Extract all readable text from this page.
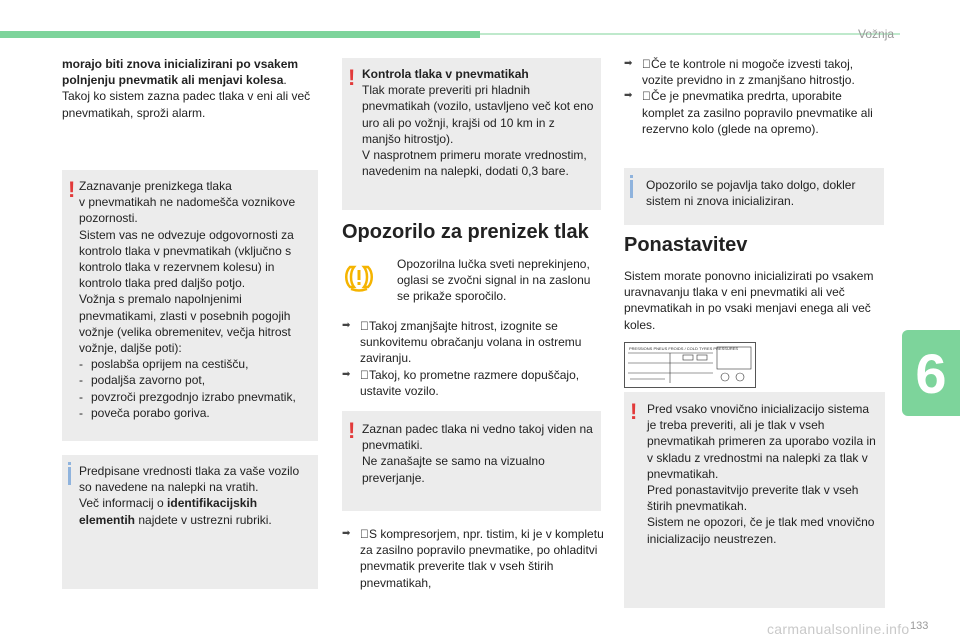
Vožnja
6
carmanualsonline.info 133

morajo biti znova inicializirani po vsakem polnjenju pnevmatik ali menjavi kolesa.

Takoj ko sistem zazna padec tlaka v eni ali več pnevmatikah, sproži alarm.

! Zaznavanje prenizkega tlaka

v pnevmatikah ne nadomešča voznikove pozornosti.

Sistem vas ne odvezuje odgovornosti za kontrolo tlaka v pnevmatikah (vključno s kontrolo tlaka v rezervnem kolesu) in kontrolo tlaka pred daljšo potjo.

Vožnja s premalo napolnjenimi pnevmatikami, zlasti v posebnih pogojih vožnje (velika obremenitev, večja hitrost vožnje, daljše poti):

- poslabša oprijem na cestišču,
- podaljša zavorno pot,
- povzroči prezgodnjo izrabo pnevmatik,
- poveča porabo goriva.

Predpisane vrednosti tlaka za vaše vozilo so navedene na nalepki na vratih.

Več informacij o identifikacijskih elementih najdete v ustrezni rubriki.

! Kontrola tlaka v pnevmatikah

Tlak morate preveriti pri hladnih pnevmatikah (vozilo, ustavljeno več kot eno uro ali po vožnji, krajši od 10 km in z manjšo hitrostjo).

V nasprotnem primeru morate vrednostim, navedenim na nalepki, dodati 0,3 bare.

Opozorilo za prenizek tlak
Opozorilna lučka sveti neprekinjeno, oglasi se zvočni signal in na zaslonu se prikaže sporočilo.
➡ Takoj zmanjšajte hitrost, izognite se sunkovitemu obračanju volana in ostremu zaviranju.
➡ Takoj, ko prometne razmere dopuščajo, ustavite vozilo.
! Zaznan padec tlaka ni vedno takoj viden na pnevmatiki.

Ne zanašajte se samo na vizualno preverjanje.

➡ S kompresorjem, npr. tistim, ki je v kompletu za zasilno popravilo pnevmatike, po ohladitvi pnevmatik preverite tlak v vseh štirih pnevmatikah,
➡ Če te kontrole ni mogoče izvesti takoj, vozite previdno in z zmanjšano hitrostjo.
➡ Če je pnevmatika predrta, uporabite komplet za zasilno popravilo pnevmatike ali rezervno kolo (glede na opremo).
Opozorilo se pojavlja tako dolgo, dokler sistem ni znova inicializiran.
Ponastavitev
Sistem morate ponovno inicializirati po vsakem uravnavanju tlaka v eni pnevmatiki ali več pnevmatikah in po vsaki menjavi enega ali več koles.
PRESSIONS PNEUS FROIDS / COLD TYRES PRESSURES
! Pred vsako vnovično inicializacijo sistema je treba preveriti, ali je tlak v vseh pnevmatikah primeren za uporabo vozila in v skladu z vrednostmi na nalepki za tlak v pnevmatikah.

Pred ponastavitvijo preverite tlak v vseh štirih pnevmatikah.

Sistem ne opozori, če je tlak med vnovično inicializacijo neustrezen.
